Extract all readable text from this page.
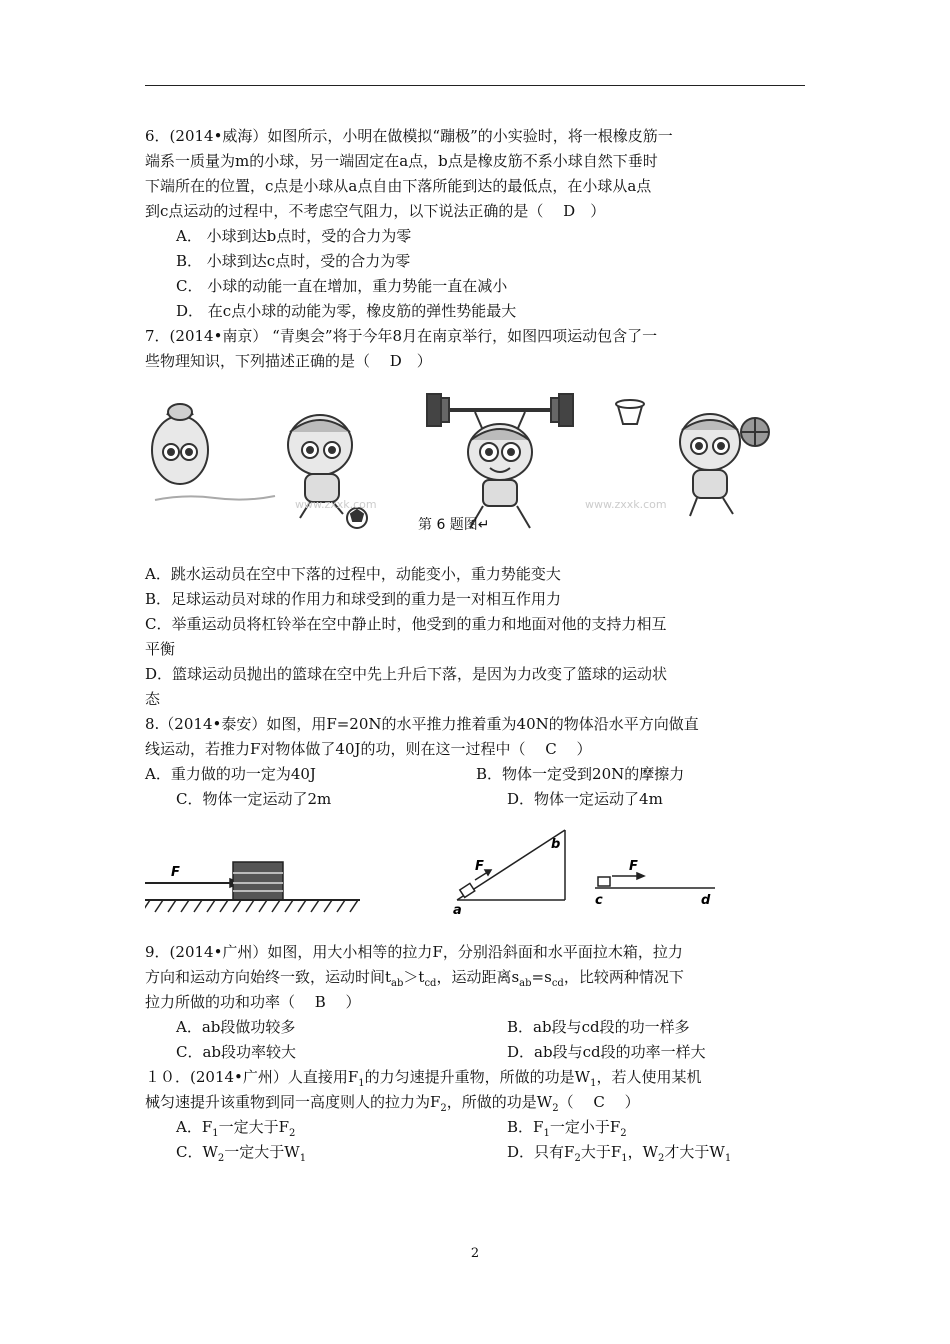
6．(2014•威海）如图所示，小明在做模拟“蹦极”的小实验时，将一根橡皮筋一
端系一质量为m的小球，另一端固定在a点，b点是橡皮筋不系小球自然下垂时
下端所在的位置，c点是小球从a点自由下落所能到达的最低点，在小球从a点
到c点运动的过程中，不考虑空气阻力，以下说法正确的是（　 D　）
A． 小球到达b点时，受的合力为零
B． 小球到达c点时，受的合力为零
C． 小球的动能一直在增加，重力势能一直在减小
D． 在c点小球的动能为零，橡皮筋的弹性势能最大
7．(2014•南京） “青奥会”将于今年8月在南京举行，如图四项运动包含了一
些物理知识，下列描述正确的是（　 D　）
www.zxxk.com	www.zxxk.com
第 6 题图↵
A．跳水运动员在空中下落的过程中，动能变小，重力势能变大
B．足球运动员对球的作用力和球受到的重力是一对相互作用力
C．举重运动员将杠铃举在空中静止时，他受到的重力和地面对他的支持力相互
平衡
D．篮球运动员抛出的篮球在空中先上升后下落，是因为力改变了篮球的运动状
态
8.（2014•泰安）如图，用F=20N的水平推力推着重为40N的物体沿水平方向做直
线运动，若推力F对物体做了40J的功，则在这一过程中（　 C　 ）
A．重力做的功一定为40J	B．物体一定受到20N的摩擦力
C．物体一定运动了2m	D．物体一定运动了4m
F	F
b
a
F
c	d
9．(2014•广州）如图，用大小相等的拉力F，分别沿斜面和水平面拉木箱，拉力
方向和运动方向始终一致，运动时间$t_{ab}>t_{cd}$，运动距离$s_{ab}=s_{cd}$，比较两种情况下
拉力所做的功和功率（　 B　 ）
A．ab段做功较多	B．ab段与cd段的功一样多
C．ab段功率较大	D．ab段与cd段的功率一样大
１０．(2014•广州）人直接用$F_1$的力匀速提升重物，所做的功是$W_1$，若人使用某机
械匀速提升该重物到同一高度则人的拉力为$F_2$，所做的功是$W_2$（　 C　 ）
A．$F_1$一定大于$F_2$	B．$F_1$一定小于$F_2$
C．$W_2$一定大于$W_1$	D．只有$F_2$大于$F_1$，$W_2$才大于$W_1$
2
